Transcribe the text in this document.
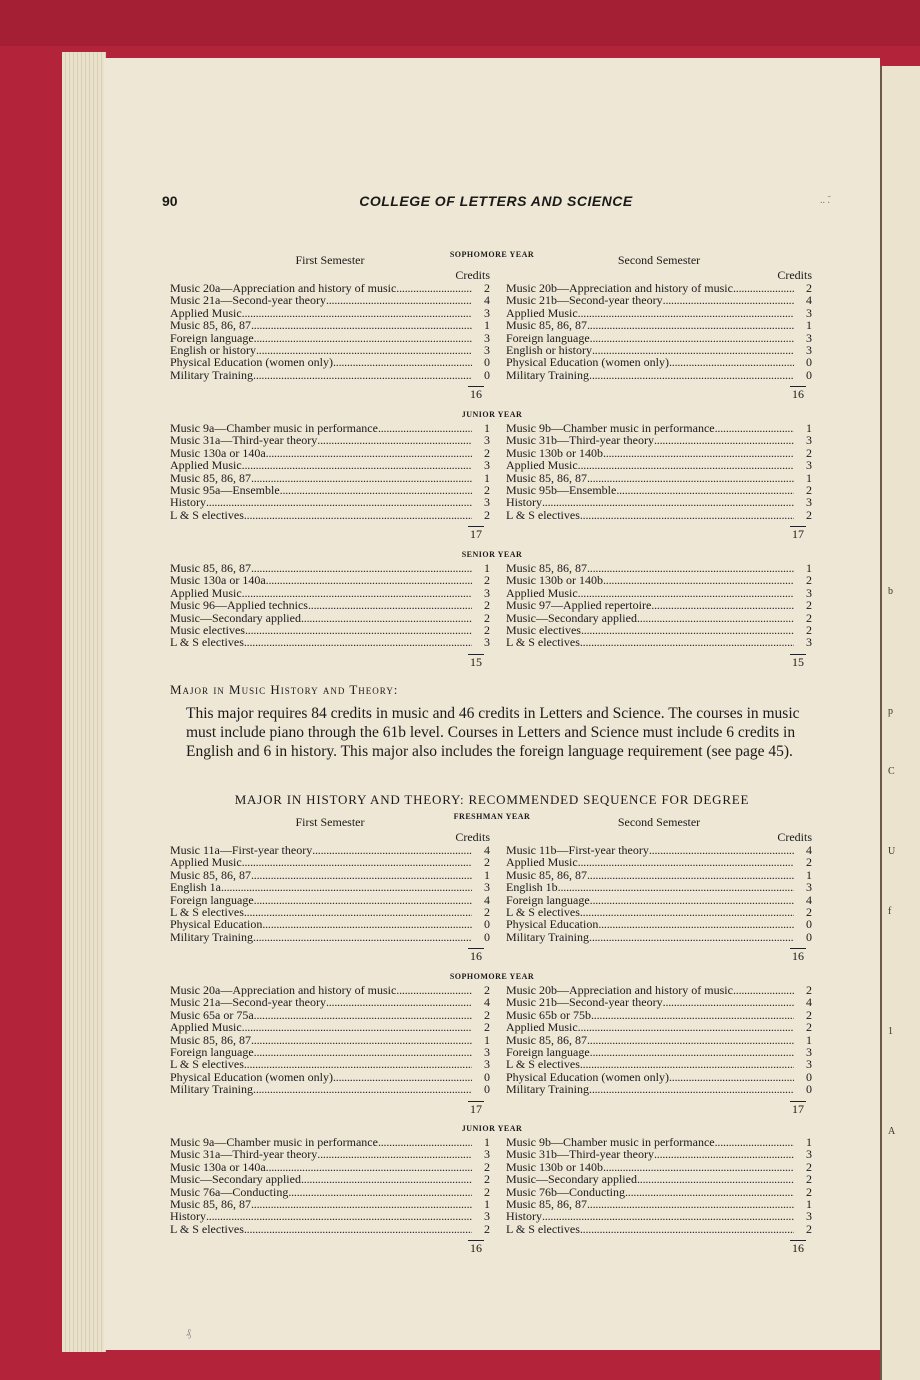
b
p
C
U
f
1
A
90	COLLEGE OF LETTERS AND SCIENCE	.. ̃.
SOPHOMORE YEAR
First Semester
Credits
Music 20a—Appreciation and history of music . . .	2
Music 21a—Second-year theory . . .	4
Applied Music . . .	3
Music 85, 86, 87 . . .	1
Foreign language . . .	3
English or history . . .	3
Physical Education (women only) . . .	0
Military Training . . .	0
16
Second Semester
Credits
Music 20b—Appreciation and history of music . . .	2
Music 21b—Second-year theory . . .	4
Applied Music . . .	3
Music 85, 86, 87 . . .	1
Foreign language . . .	3
English or history . . .	3
Physical Education (women only) . . .	0
Military Training . . .	0
16
JUNIOR YEAR
Music 9a—Chamber music in performance . . .	1
Music 31a—Third-year theory . . .	3
Music 130a or 140a . . .	2
Applied Music . . .	3
Music 85, 86, 87 . . .	1
Music 95a—Ensemble . . .	2
History . . .	3
L & S electives . . .	2
17
Music 9b—Chamber music in performance . . .	1
Music 31b—Third-year theory . . .	3
Music 130b or 140b . . .	2
Applied Music . . .	3
Music 85, 86, 87 . . .	1
Music 95b—Ensemble . . .	2
History . . .	3
L & S electives . . .	2
17
SENIOR YEAR
Music 85, 86, 87 . . .	1
Music 130a or 140a . . .	2
Applied Music . . .	3
Music 96—Applied technics . . .	2
Music—Secondary applied . . .	2
Music electives . . .	2
L & S electives . . .	3
15
Music 85, 86, 87 . . .	1
Music 130b or 140b . . .	2
Applied Music . . .	3
Music 97—Applied repertoire . . .	2
Music—Secondary applied . . .	2
Music electives . . .	2
L & S electives . . .	3
15
Major in Music History and Theory:
This major requires 84 credits in music and 46 credits in Letters and Science. The courses in music must include piano through the 61b level. Courses in Letters and Science must include 6 credits in English and 6 in history. This major also includes the foreign language requirement (see page 45).
MAJOR IN HISTORY AND THEORY: RECOMMENDED SEQUENCE FOR DEGREE
FRESHMAN YEAR
First Semester
Credits
Music 11a—First-year theory . . .	4
Applied Music . . .	2
Music 85, 86, 87 . . .	1
English 1a . . .	3
Foreign language . . .	4
L & S electives . . .	2
Physical Education . . .	0
Military Training . . .	0
16
Second Semester
Credits
Music 11b—First-year theory . . .	4
Applied Music . . .	2
Music 85, 86, 87 . . .	1
English 1b . . .	3
Foreign language . . .	4
L & S electives . . .	2
Physical Education . . .	0
Military Training . . .	0
16
SOPHOMORE YEAR
Music 20a—Appreciation and history of music . . .	2
Music 21a—Second-year theory . . .	4
Music 65a or 75a . . .	2
Applied Music . . .	2
Music 85, 86, 87 . . .	1
Foreign language . . .	3
L & S electives . . .	3
Physical Education (women only) . . .	0
Military Training . . .	0
17
Music 20b—Appreciation and history of music . . .	2
Music 21b—Second-year theory . . .	4
Music 65b or 75b . . .	2
Applied Music . . .	2
Music 85, 86, 87 . . .	1
Foreign language . . .	3
L & S electives . . .	3
Physical Education (women only) . . .	0
Military Training . . .	0
17
JUNIOR YEAR
Music 9a—Chamber music in performance . . .	1
Music 31a—Third-year theory . . .	3
Music 130a or 140a . . .	2
Music—Secondary applied . . .	2
Music 76a—Conducting . . .	2
Music 85, 86, 87 . . .	1
History . . .	3
L & S electives . . .	2
16
Music 9b—Chamber music in performance . . .	1
Music 31b—Third-year theory . . .	3
Music 130b or 140b . . .	2
Music—Secondary applied . . .	2
Music 76b—Conducting . . .	2
Music 85, 86, 87 . . .	1
History . . .	3
L & S electives . . .	2
16
₰
